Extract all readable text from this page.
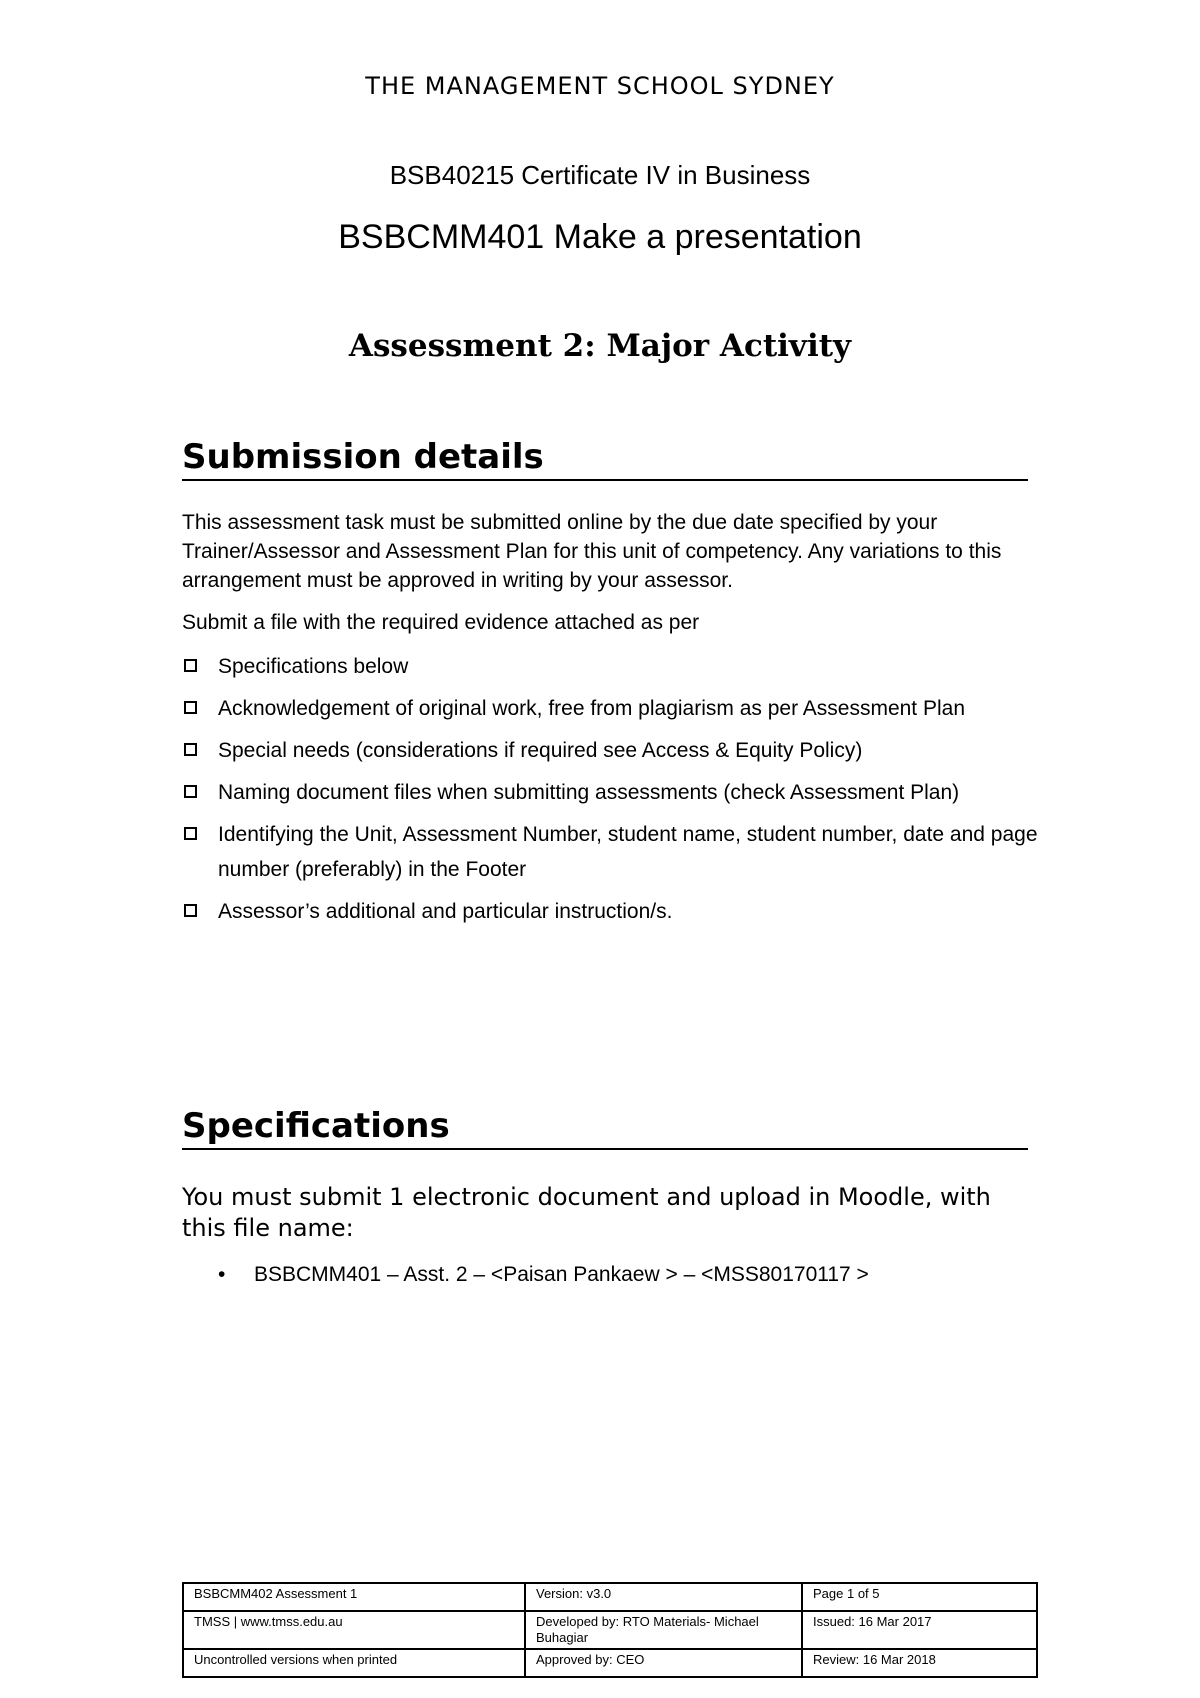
THE MANAGEMENT SCHOOL SYDNEY
BSB40215 Certificate IV in Business
BSBCMM401 Make a presentation
Assessment 2: Major Activity
Submission details
This assessment task must be submitted online by the due date specified by your Trainer/Assessor and Assessment Plan for this unit of competency. Any variations to this arrangement must be approved in writing by your assessor.
Submit a file with the required evidence attached as per
Specifications below
Acknowledgement of original work, free from plagiarism as per Assessment Plan
Special needs (considerations if required see Access & Equity Policy)
Naming document files when submitting assessments (check Assessment Plan)
Identifying the Unit, Assessment Number, student name, student number, date and page number (preferably) in the Footer
Assessor’s additional and particular instruction/s.
Specifications
You must submit 1 electronic document and upload in Moodle, with this file name:
• BSBCMM401 – Asst. 2 – <Paisan Pankaew > – <MSS80170117 >
BSBCMM402 Assessment 1	Version: v3.0	Page 1 of 5
TMSS | www.tmss.edu.au	Developed by: RTO Materials- Michael Buhagiar	Issued: 16 Mar 2017
Uncontrolled versions when printed	Approved by: CEO	Review: 16 Mar 2018
